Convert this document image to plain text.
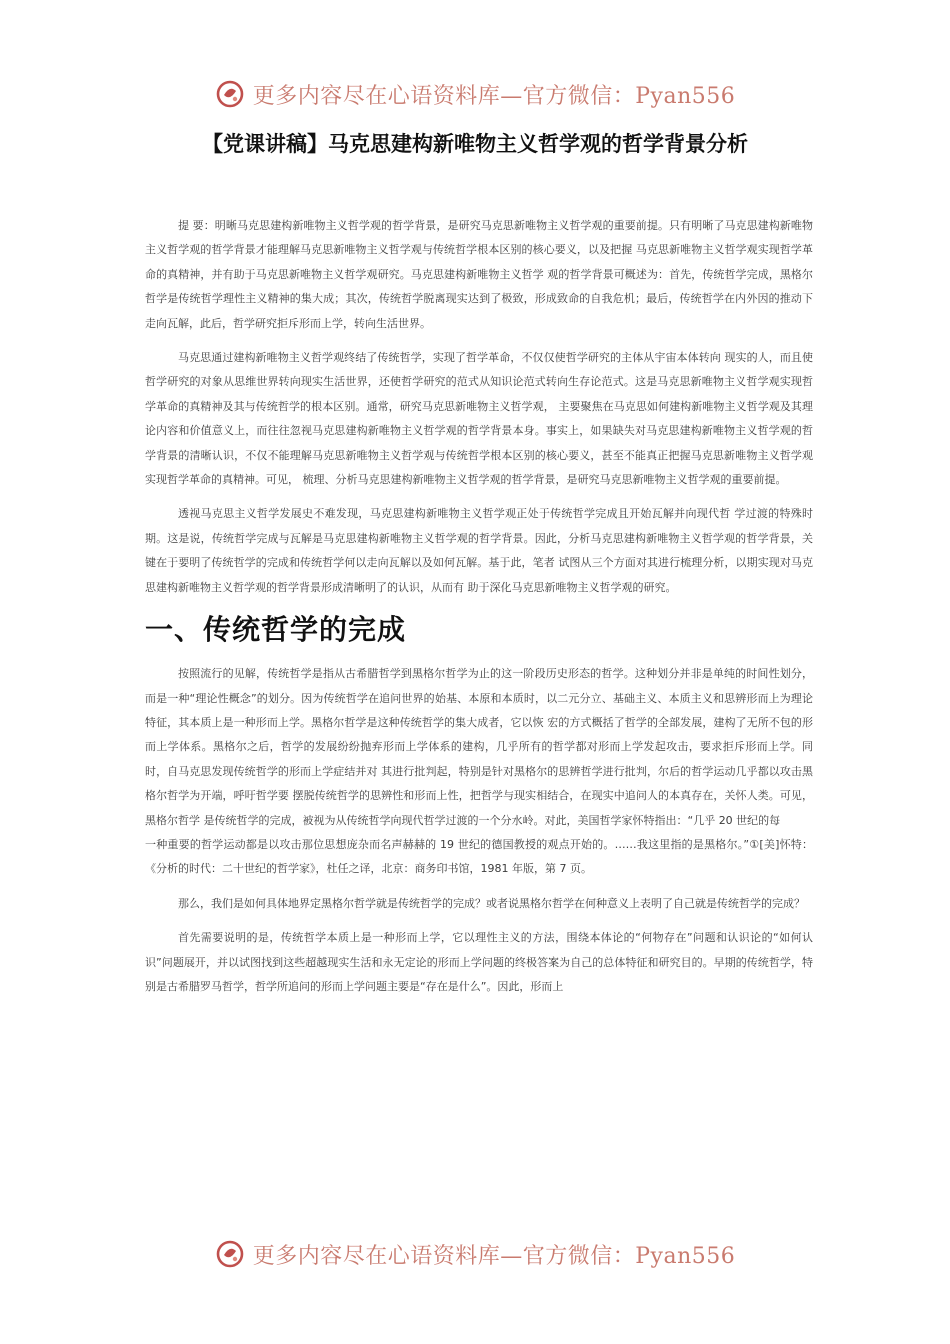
更多内容尽在心语资料库—官方微信：Pyan556
【党课讲稿】马克思建构新唯物主义哲学观的哲学背景分析

提 要：明晰马克思建构新唯物主义哲学观的哲学背景，是研究马克思新唯物主义哲学观的重要前提。只有明晰了马克思建构新唯物主义哲学观的哲学背景才能理解马克思新唯物主义哲学观与传统哲学根本区别的核心要义，以及把握 马克思新唯物主义哲学观实现哲学革命的真精神，并有助于马克思新唯物主义哲学观研究。马克思建构新唯物主义哲学 观的哲学背景可概述为：首先，传统哲学完成，黑格尔哲学是传统哲学理性主义精神的集大成；其次，传统哲学脱离现实达到了极致，形成致命的自我危机；最后，传统哲学在内外因的推动下走向瓦解，此后，哲学研究拒斥形而上学，转向生活世界。

马克思通过建构新唯物主义哲学观终结了传统哲学，实现了哲学革命，不仅仅使哲学研究的主体从宇宙本体转向 现实的人，而且使哲学研究的对象从思维世界转向现实生活世界，还使哲学研究的范式从知识论范式转向生存论范式。这是马克思新唯物主义哲学观实现哲学革命的真精神及其与传统哲学的根本区别。通常，研究马克思新唯物主义哲学观， 主要聚焦在马克思如何建构新唯物主义哲学观及其理论内容和价值意义上，而往往忽视马克思建构新唯物主义哲学观的哲学背景本身。事实上，如果缺失对马克思建构新唯物主义哲学观的哲学背景的清晰认识，不仅不能理解马克思新唯物主义哲学观与传统哲学根本区别的核心要义，甚至不能真正把握马克思新唯物主义哲学观实现哲学革命的真精神。可见， 梳理、分析马克思建构新唯物主义哲学观的哲学背景，是研究马克思新唯物主义哲学观的重要前提。

透视马克思主义哲学发展史不难发现，马克思建构新唯物主义哲学观正处于传统哲学完成且开始瓦解并向现代哲 学过渡的特殊时期。这是说，传统哲学完成与瓦解是马克思建构新唯物主义哲学观的哲学背景。因此，分析马克思建构新唯物主义哲学观的哲学背景，关键在于要明了传统哲学的完成和传统哲学何以走向瓦解以及如何瓦解。基于此，笔者 试图从三个方面对其进行梳理分析，以期实现对马克思建构新唯物主义哲学观的哲学背景形成清晰明了的认识，从而有 助于深化马克思新唯物主义哲学观的研究。

一、传统哲学的完成

按照流行的见解，传统哲学是指从古希腊哲学到黑格尔哲学为止的这一阶段历史形态的哲学。这种划分并非是单纯的时间性划分，而是一种“理论性概念”的划分。因为传统哲学在追问世界的始基、本原和本质时，以二元分立、基础主义、本质主义和思辨形而上为理论特征，其本质上是一种形而上学。黑格尔哲学是这种传统哲学的集大成者，它以恢 宏的方式概括了哲学的全部发展，建构了无所不包的形而上学体系。黑格尔之后，哲学的发展纷纷抛弃形而上学体系的建构，几乎所有的哲学都对形而上学发起攻击，要求拒斥形而上学。同时，自马克思发现传统哲学的形而上学症结并对 其进行批判起，特别是针对黑格尔的思辨哲学进行批判，尔后的哲学运动几乎都以攻击黑格尔哲学为开端，呼吁哲学要 摆脱传统哲学的思辨性和形而上性，把哲学与现实相结合，在现实中追问人的本真存在，关怀人类。可见，黑格尔哲学 是传统哲学的完成，被视为从传统哲学向现代哲学过渡的一个分水岭。对此，美国哲学家怀特指出：“几乎 20 世纪的每

一种重要的哲学运动都是以攻击那位思想庞杂而名声赫赫的 19 世纪的德国教授的观点开始的。……我这里指的是黑格尔。”①[美]怀特：《分析的时代：二十世纪的哲学家》，杜任之译，北京：商务印书馆，1981 年版，第 7 页。

那么，我们是如何具体地界定黑格尔哲学就是传统哲学的完成？或者说黑格尔哲学在何种意义上表明了自己就是传统哲学的完成？

首先需要说明的是，传统哲学本质上是一种形而上学，它以理性主义的方法，围绕本体论的“何物存在”问题和认识论的“如何认识”问题展开，并以试图找到这些超越现实生活和永无定论的形而上学问题的终极答案为自己的总体特征和研究目的。早期的传统哲学，特别是古希腊罗马哲学，哲学所追问的形而上学问题主要是“存在是什么”。因此，形而上

更多内容尽在心语资料库—官方微信：Pyan556
